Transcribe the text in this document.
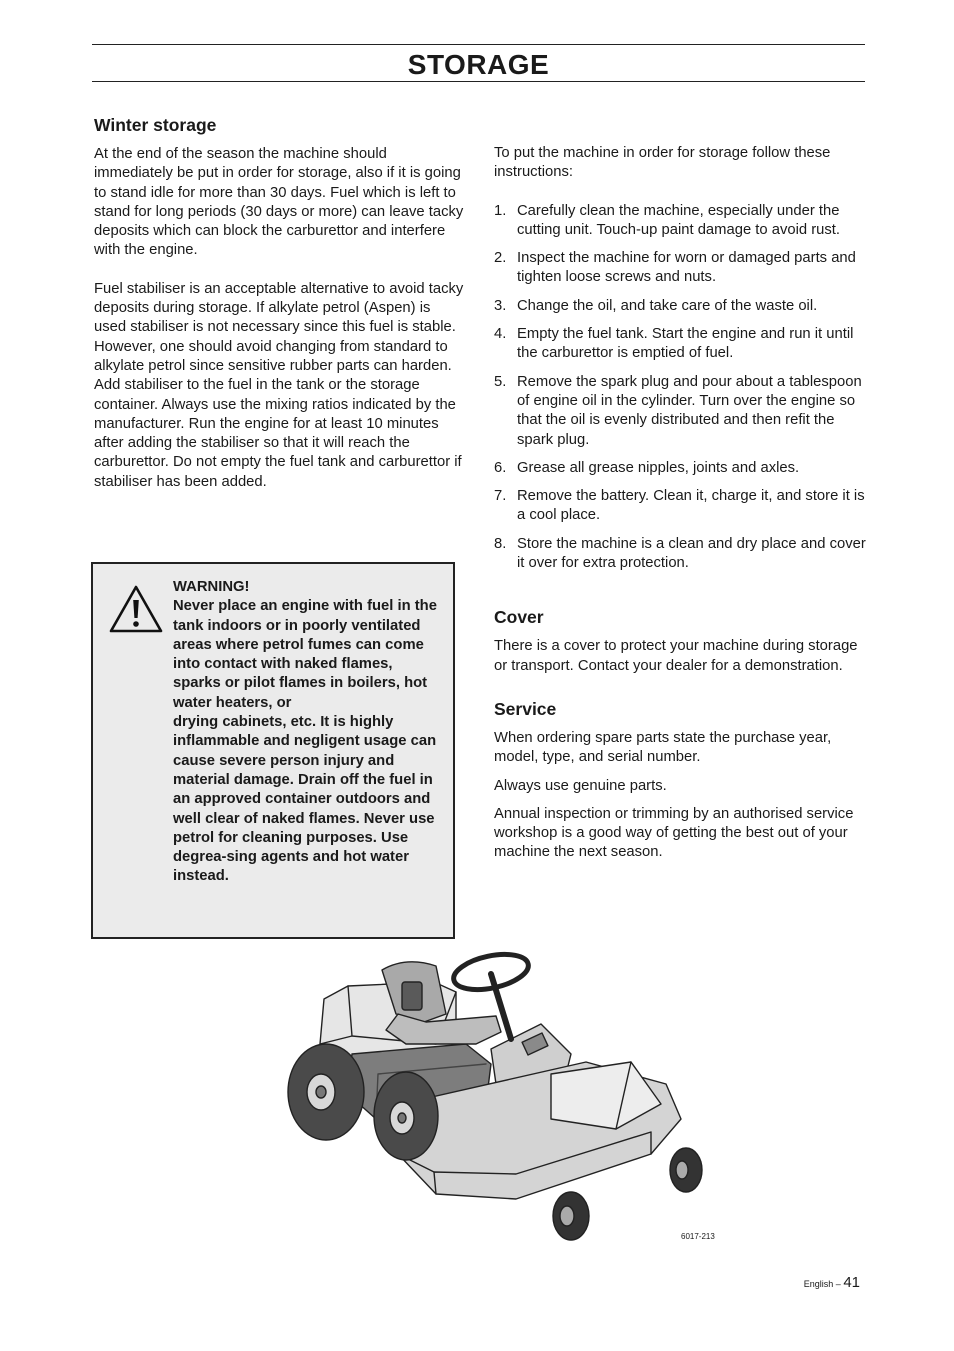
STORAGE
Winter storage

At the end of the season the machine should immediately be put in order for storage, also if it is going to stand idle for more than 30 days. Fuel which is left to stand for long periods (30 days or more) can leave tacky deposits which can block the carburettor and interfere with the engine.

Fuel stabiliser is an acceptable alternative to avoid tacky deposits during storage. If alkylate petrol (Aspen) is used stabiliser is not necessary since this fuel is stable. However, one should avoid changing from standard to alkylate petrol since sensitive rubber parts can harden. Add stabiliser to the fuel in the tank or the storage container. Always use the mixing ratios indicated by the manufacturer. Run the engine for at least 10 minutes after adding the stabiliser so that it will reach the carburettor. Do not empty the fuel tank and carburettor if stabiliser has been added.

WARNING!
Never place an engine with fuel in the tank indoors or in poorly ventilated areas where petrol fumes can come into contact with naked flames, sparks or pilot flames in boilers, hot water heaters, or
drying cabinets, etc. It is highly inflammable and negligent usage can cause severe person injury and material damage. Drain off the fuel in an approved container outdoors and well clear of naked flames. Never use petrol for cleaning purposes. Use degrea-sing agents and hot water instead.

To put the machine in order for storage follow these instructions:

1. Carefully clean the machine, especially under the cutting unit. Touch-up paint damage to avoid rust.
2. Inspect the machine for worn or damaged parts and tighten loose screws and nuts.
3. Change the oil, and take care of the waste oil.
4. Empty the fuel tank. Start the engine and run it until the carburettor is emptied of fuel.
5. Remove the spark plug and pour about a tablespoon of engine oil in the cylinder. Turn over the engine so that the oil is evenly distributed and then refit the spark plug.
6. Grease all grease nipples, joints and axles.
7. Remove the battery. Clean it, charge it, and store it is a cool place.
8. Store the machine is a clean and dry place and cover it over for extra protection.
Cover

There is a cover to protect your machine during storage or transport. Contact your dealer for a demonstration.

Service

When ordering spare parts state the purchase year, model, type, and serial number.

Always use genuine parts.

Annual inspection or trimming by an authorised service workshop is a good way of getting the best out of your machine the next season.

6017-213
English – 41
